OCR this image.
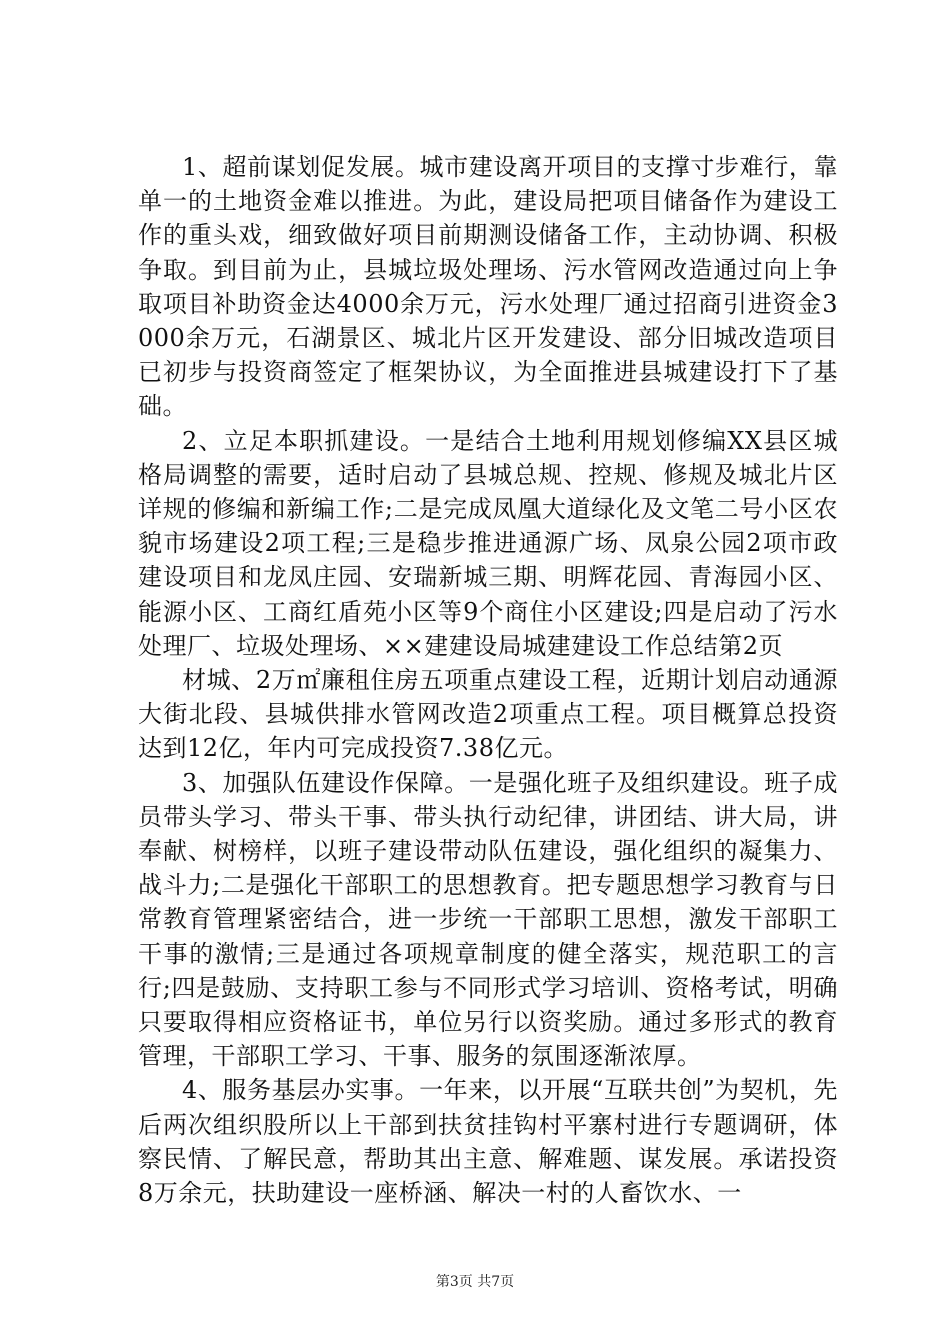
1、超前谋划促发展。城市建设离开项目的支撑寸步难行，靠单一的土地资金难以推进。为此，建设局把项目储备作为建设工作的重头戏，细致做好项目前期测设储备工作，主动协调、积极争取。到目前为止，县城垃圾处理场、污水管网改造通过向上争取项目补助资金达4000余万元，污水处理厂通过招商引进资金3000余万元，石湖景区、城北片区开发建设、部分旧城改造项目已初步与投资商签定了框架协议，为全面推进县城建设打下了基础。

2、立足本职抓建设。一是结合土地利用规划修编XX县区城格局调整的需要，适时启动了县城总规、控规、修规及城北片区详规的修编和新编工作;二是完成凤凰大道绿化及文笔二号小区农貌市场建设2项工程;三是稳步推进通源广场、凤泉公园2项市政建设项目和龙凤庄园、安瑞新城三期、明辉花园、青海园小区、能源小区、工商红盾苑小区等9个商住小区建设;四是启动了污水处理厂、垃圾处理场、××建建设局城建建设工作总结第2页

材城、2万㎡廉租住房五项重点建设工程，近期计划启动通源大街北段、县城供排水管网改造2项重点工程。项目概算总投资达到12亿，年内可完成投资7.38亿元。

3、加强队伍建设作保障。一是强化班子及组织建设。班子成员带头学习、带头干事、带头执行动纪律，讲团结、讲大局，讲奉献、树榜样，以班子建设带动队伍建设，强化组织的凝集力、战斗力;二是强化干部职工的思想教育。把专题思想学习教育与日常教育管理紧密结合，进一步统一干部职工思想，激发干部职工干事的激情;三是通过各项规章制度的健全落实，规范职工的言行;四是鼓励、支持职工参与不同形式学习培训、资格考试，明确只要取得相应资格证书，单位另行以资奖励。通过多形式的教育管理，干部职工学习、干事、服务的氛围逐渐浓厚。

4、服务基层办实事。一年来，以开展“互联共创”为契机，先后两次组织股所以上干部到扶贫挂钩村平寨村进行专题调研，体察民情、了解民意，帮助其出主意、解难题、谋发展。承诺投资8万余元，扶助建设一座桥涵、解决一村的人畜饮水、一

第3页 共7页
